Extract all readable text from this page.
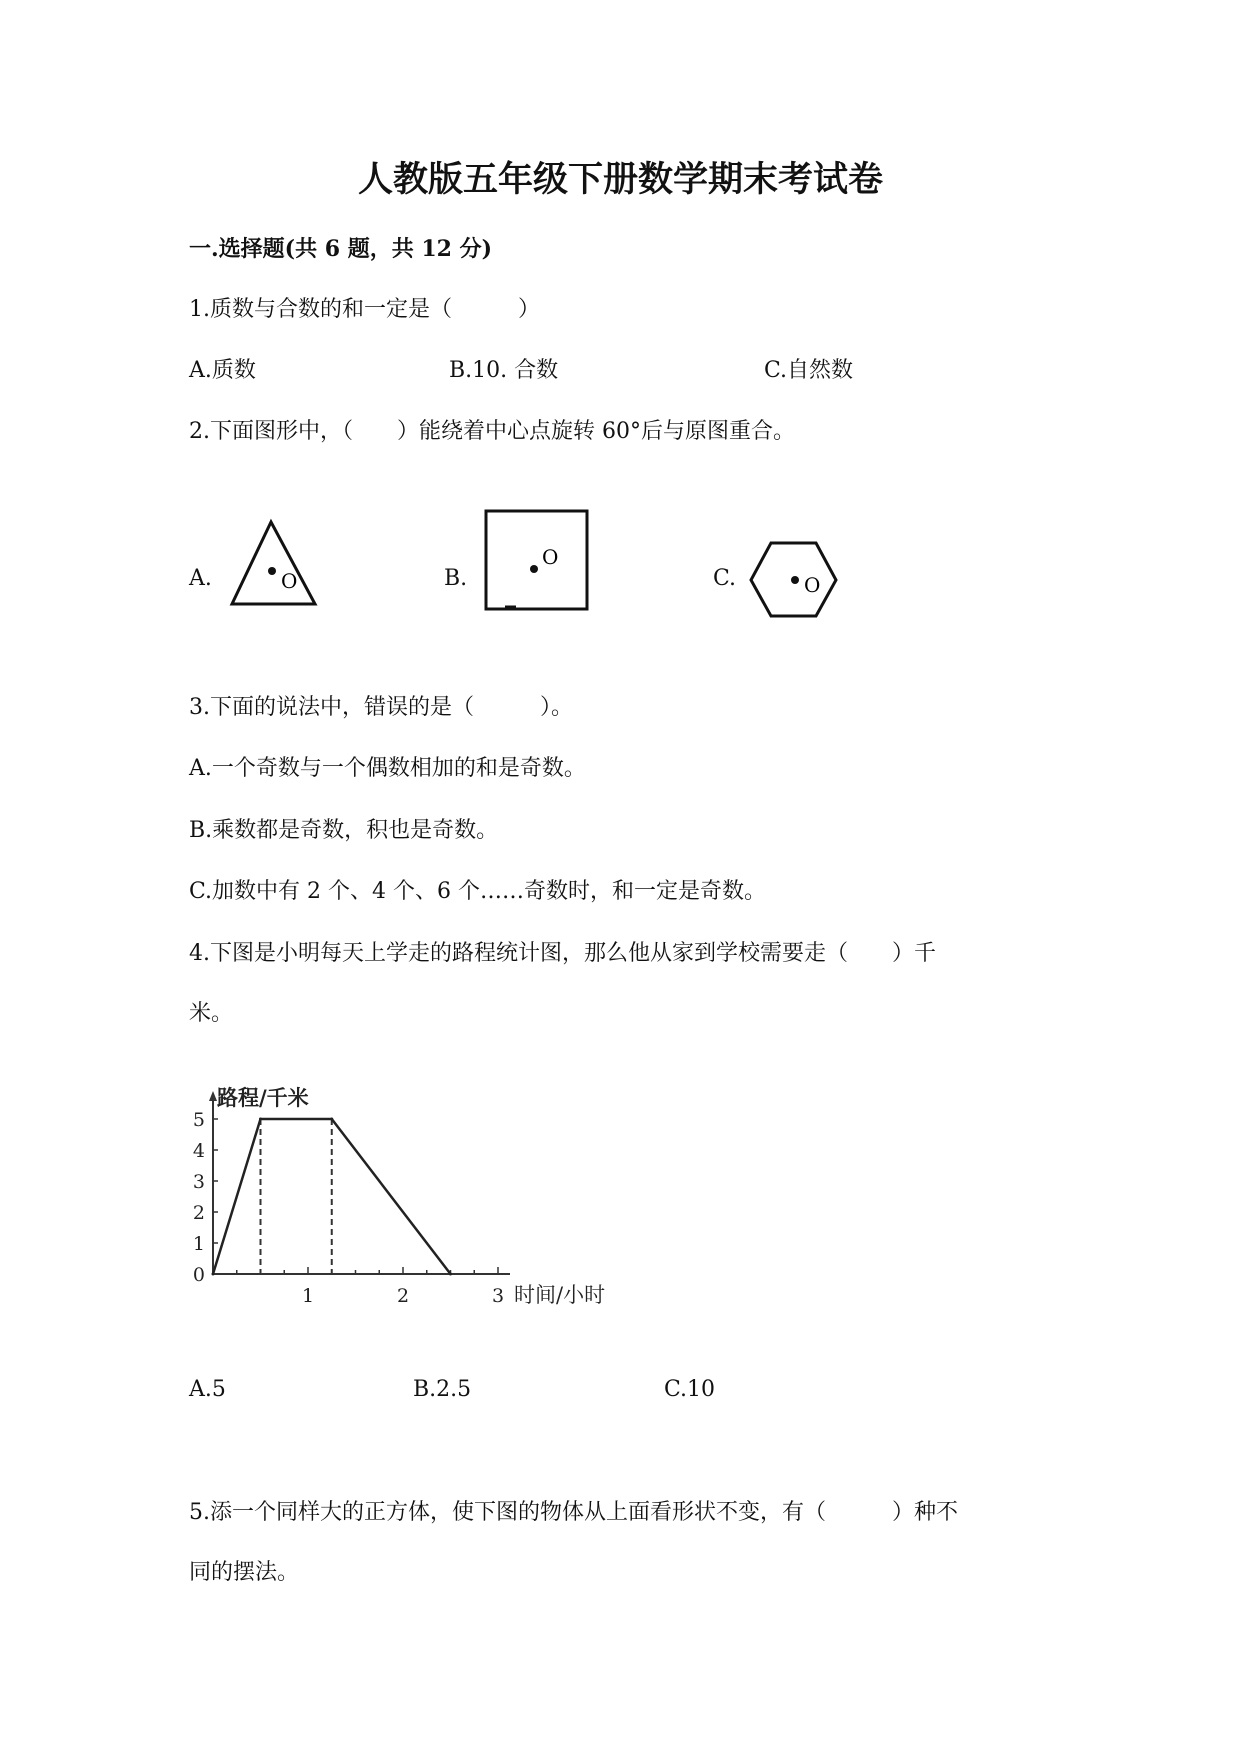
人教版五年级下册数学期末考试卷
一.选择题(共 6 题，共 12 分)
1.质数与合数的和一定是（　　　）
A.质数	B.10. 合数	C.自然数
2.下面图形中，（　　）能绕着中心点旋转 60°后与原图重合。
A.	B.	C.
O
O
O
3.下面的说法中，错误的是（　　　）。
A.一个奇数与一个偶数相加的和是奇数。
B.乘数都是奇数，积也是奇数。
C.加数中有 2 个、4 个、6 个……奇数时，和一定是奇数。
4.下图是小明每天上学走的路程统计图，那么他从家到学校需要走（　　）千
米。
0
1
2
3
4
5
1	2	3
路程/千米
时间/小时
A.5	B.2.5	C.10
5.添一个同样大的正方体，使下图的物体从上面看形状不变，有（　　　）种不
同的摆法。
